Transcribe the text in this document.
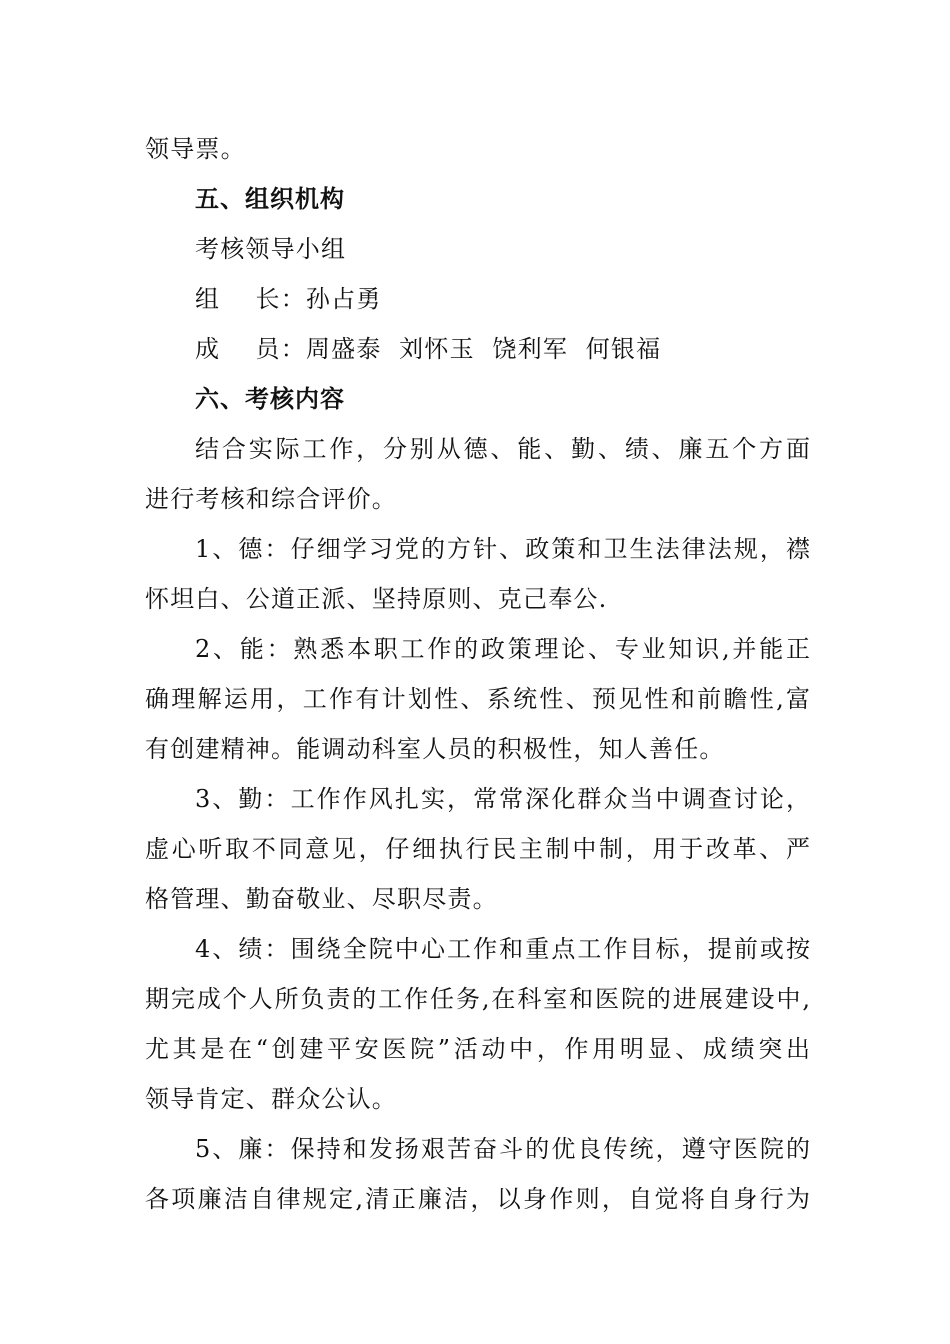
领导票。
五、组织机构
考核领导小组
组    长：孙占勇
成    员：周盛泰  刘怀玉  饶利军  何银福
六、考核内容
结合实际工作，分别从德、能、勤、绩、廉五个方面
进行考核和综合评价。
1、德：仔细学习党的方针、政策和卫生法律法规，襟
怀坦白、公道正派、坚持原则、克己奉公.
2、能：熟悉本职工作的政策理论、专业知识,并能正
确理解运用，工作有计划性、系统性、预见性和前瞻性,富
有创建精神。能调动科室人员的积极性，知人善任。
3、勤：工作作风扎实，常常深化群众当中调查讨论，
虚心听取不同意见，仔细执行民主制中制，用于改革、严
格管理、勤奋敬业、尽职尽责。
4、绩：围绕全院中心工作和重点工作目标，提前或按
期完成个人所负责的工作任务,在科室和医院的进展建设中,
尤其是在“创建平安医院”活动中，作用明显、成绩突出
领导肯定、群众公认。
5、廉：保持和发扬艰苦奋斗的优良传统，遵守医院的
各项廉洁自律规定,清正廉洁，以身作则，自觉将自身行为
